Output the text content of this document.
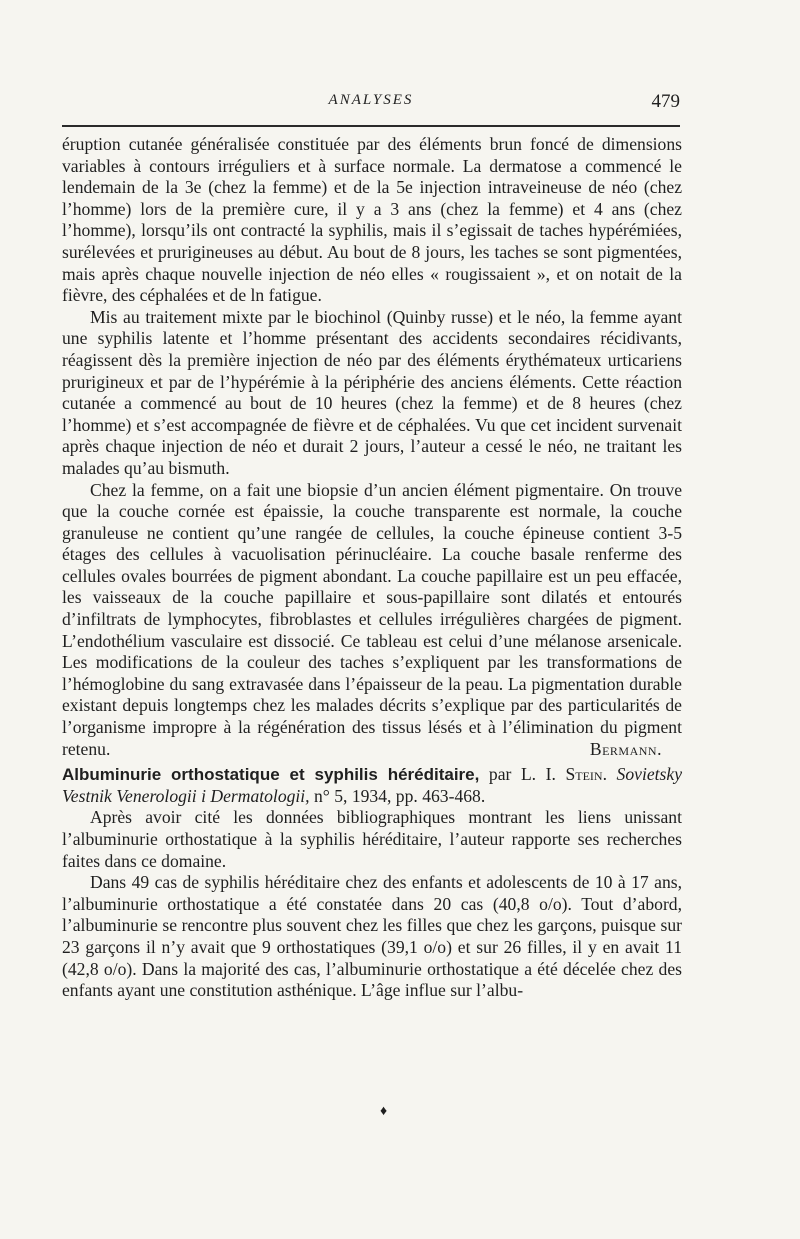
ANALYSES	479

éruption cutanée généralisée constituée par des éléments brun foncé de dimensions variables à contours irréguliers et à surface normale. La dermatose a commencé le lendemain de la 3e (chez la femme) et de la 5e injection intraveineuse de néo (chez l’homme) lors de la première cure, il y a 3 ans (chez la femme) et 4 ans (chez l’homme), lorsqu’ils ont contracté la syphilis, mais il s’egissait de taches hypérémiées, surélevées et prurigineuses au début. Au bout de 8 jours, les taches se sont pigmentées, mais après chaque nouvelle injection de néo elles « rougissaient », et on notait de la fièvre, des céphalées et de ln fatigue.

Mis au traitement mixte par le biochinol (Quinby russe) et le néo, la femme ayant une syphilis latente et l’homme présentant des accidents secondaires récidivants, réagissent dès la première injection de néo par des éléments érythémateux urticariens prurigineux et par de l’hypérémie à la périphérie des anciens éléments. Cette réaction cutanée a commencé au bout de 10 heures (chez la femme) et de 8 heures (chez l’homme) et s’est accompagnée de fièvre et de céphalées. Vu que cet incident survenait après chaque injection de néo et durait 2 jours, l’auteur a cessé le néo, ne traitant les malades qu’au bismuth.

Chez la femme, on a fait une biopsie d’un ancien élément pigmentaire. On trouve que la couche cornée est épaissie, la couche transparente est normale, la couche granuleuse ne contient qu’une rangée de cellules, la couche épineuse contient 3-5 étages des cellules à vacuolisation périnucléaire. La couche basale renferme des cellules ovales bourrées de pigment abondant. La couche papillaire est un peu effacée, les vaisseaux de la couche papillaire et sous-papillaire sont dilatés et entourés d’infiltrats de lymphocytes, fibroblastes et cellules irrégulières chargées de pigment. L’endothélium vasculaire est dissocié. Ce tableau est celui d’une mélanose arsenicale. Les modifications de la couleur des taches s’expliquent par les transformations de l’hémoglobine du sang extravasée dans l’épaisseur de la peau. La pigmentation durable existant depuis longtemps chez les malades décrits s’explique par des particularités de l’organisme impropre à la régénération des tissus lésés et à l’élimination du pigment retenu.	Bermann.

Albuminurie orthostatique et syphilis héréditaire, par L. I. Stein. Sovietsky Vestnik Venerologii i Dermatologii, n° 5, 1934, pp. 463-468.

Après avoir cité les données bibliographiques montrant les liens unissant l’albuminurie orthostatique à la syphilis héréditaire, l’auteur rapporte ses recherches faites dans ce domaine.

Dans 49 cas de syphilis héréditaire chez des enfants et adolescents de 10 à 17 ans, l’albuminurie orthostatique a été constatée dans 20 cas (40,8 o/o). Tout d’abord, l’albuminurie se rencontre plus souvent chez les filles que chez les garçons, puisque sur 23 garçons il n’y avait que 9 orthostatiques (39,1 o/o) et sur 26 filles, il y en avait 11 (42,8 o/o). Dans la majorité des cas, l’albuminurie orthostatique a été décelée chez des enfants ayant une constitution asthénique. L’âge influe sur l’albu-

♦
